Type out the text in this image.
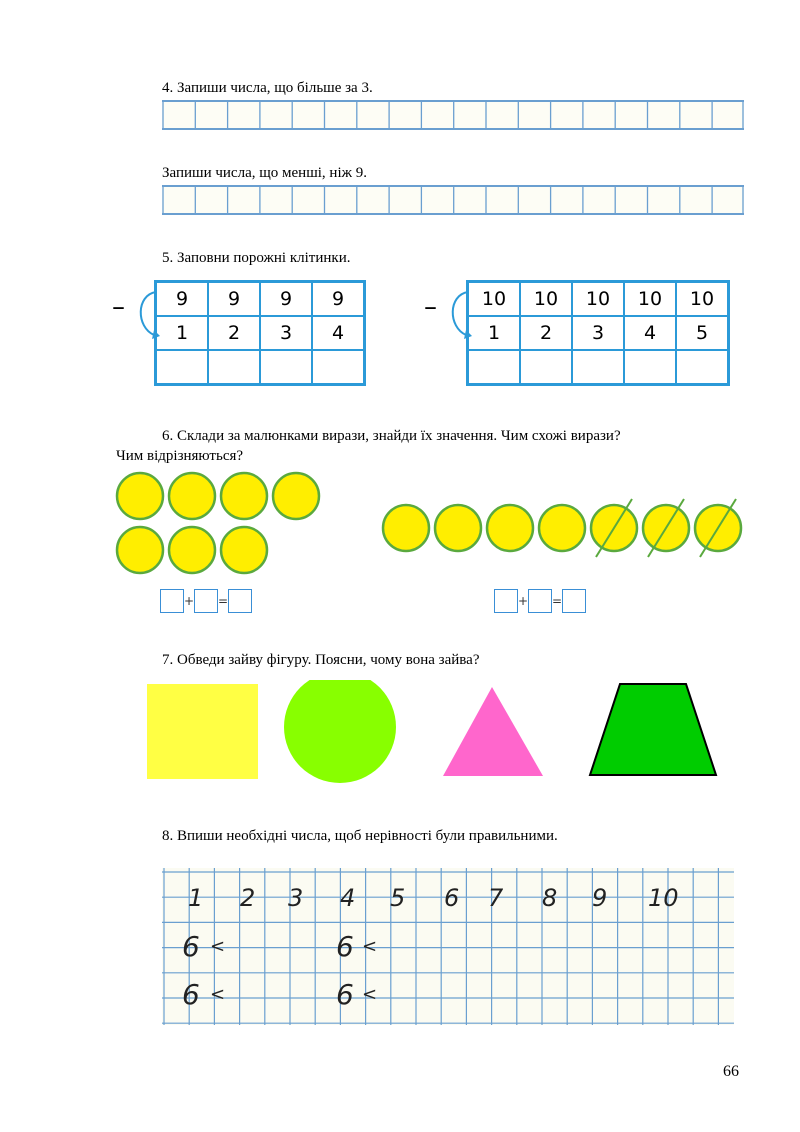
4. Запиши числа, що більше за 3.
Запиши числа, що менші, ніж 9.
5. Заповни порожні клітинки.
–	9	9	9	9
1	2	3	4

– 10	10	10	10	10
1	2	3	4	5

6. Склади за малюнками вирази, знайди їх значення. Чим схожі вирази?
Чим відрізняються?
+ =	+ =
7. Обведи зайву фігуру. Поясни, чому вона зайва?
8. Впиши необхідні числа, щоб нерівності були правильними.
1 2 3 4 5 6 7 8 9 10
6 <	6 <
6 <	6 <
66
